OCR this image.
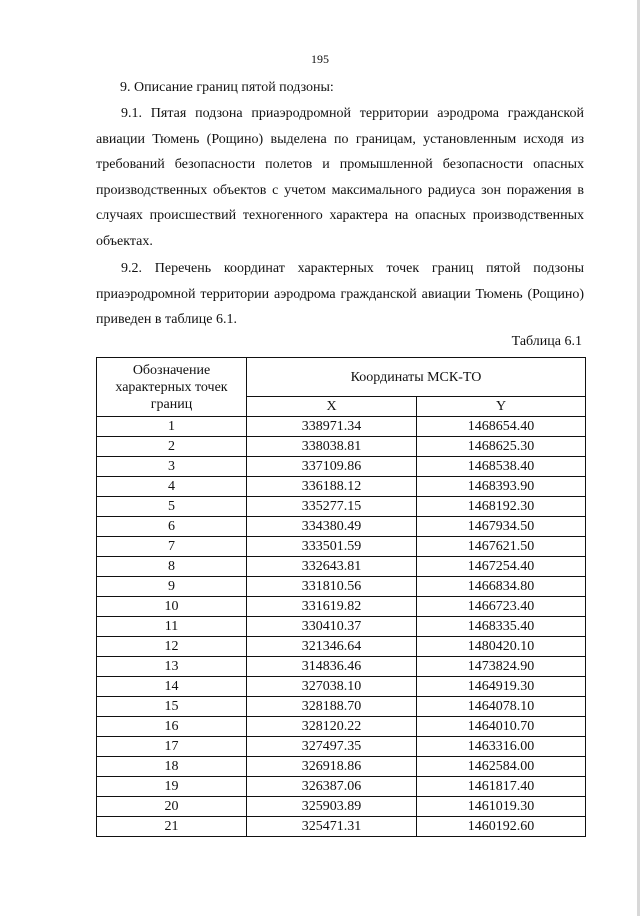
195
9. Описание границ пятой подзоны:

9.1. Пятая подзона приаэродромной территории аэродрома гражданской авиации Тюмень (Рощино) выделена по границам, установленным исходя из требований безопасности полетов и промышленной безопасности опасных производственных объектов с учетом максимального радиуса зон поражения в случаях происшествий техногенного характера на опасных производственных объектах.

9.2. Перечень координат характерных точек границ пятой подзоны приаэродромной территории аэродрома гражданской авиации Тюмень (Рощино) приведен в таблице 6.1.

Таблица 6.1
Обозначение характерных точек границ	Координаты МСК-ТО	
	X	Y
1	338971.34	1468654.40
2	338038.81	1468625.30
3	337109.86	1468538.40
4	336188.12	1468393.90
5	335277.15	1468192.30
6	334380.49	1467934.50
7	333501.59	1467621.50
8	332643.81	1467254.40
9	331810.56	1466834.80
10	331619.82	1466723.40
11	330410.37	1468335.40
12	321346.64	1480420.10
13	314836.46	1473824.90
14	327038.10	1464919.30
15	328188.70	1464078.10
16	328120.22	1464010.70
17	327497.35	1463316.00
18	326918.86	1462584.00
19	326387.06	1461817.40
20	325903.89	1461019.30
21	325471.31	1460192.60
